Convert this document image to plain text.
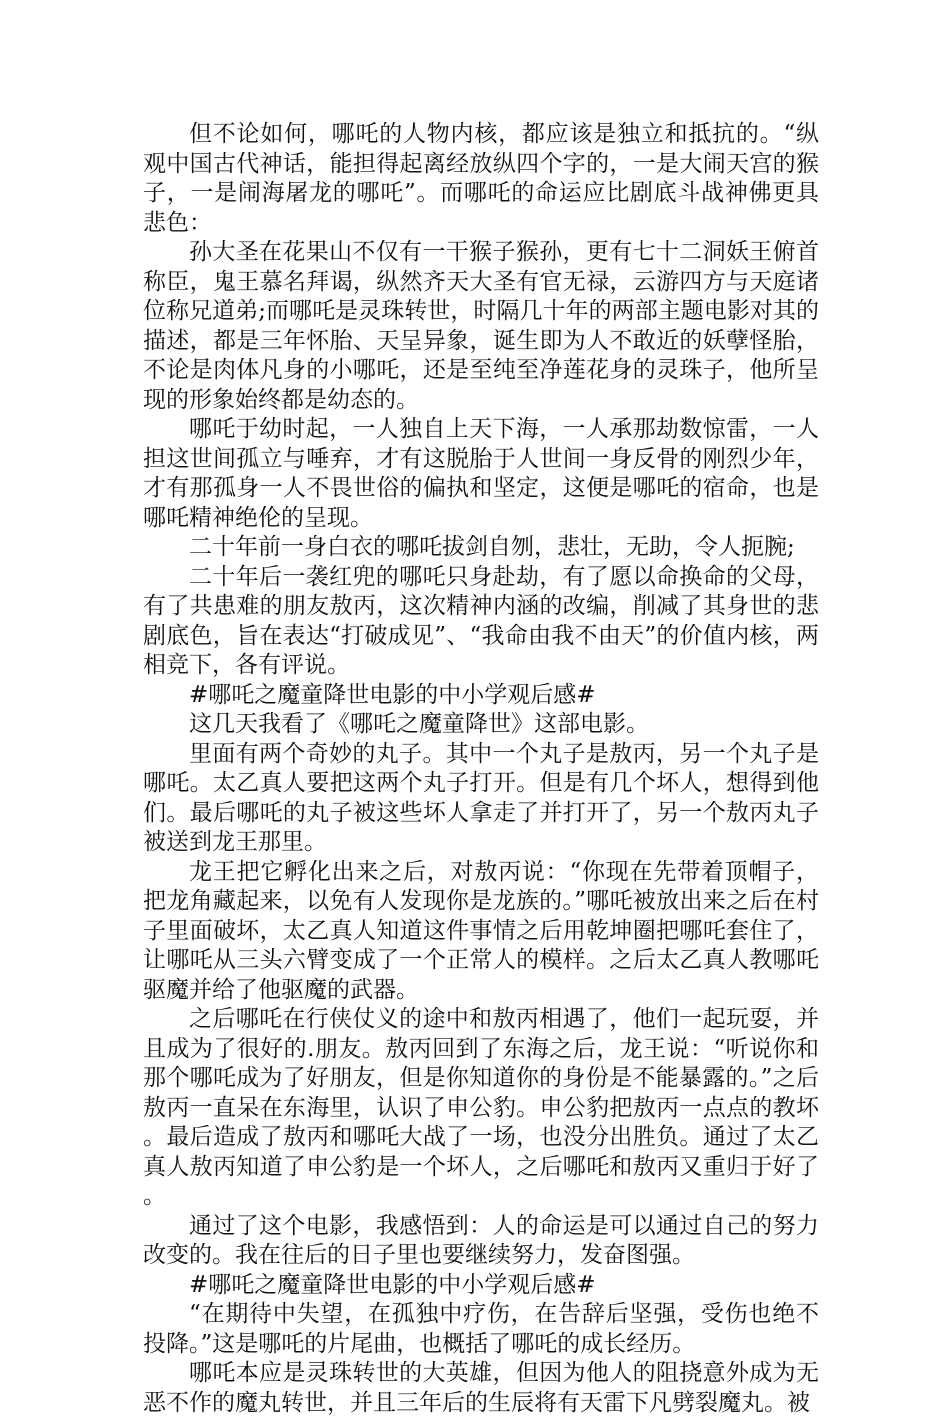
但不论如何，哪吒的人物内核，都应该是独立和抵抗的。“纵观中国古代神话，能担得起离经放纵四个字的，一是大闹天宫的猴子，一是闹海屠龙的哪吒”。而哪吒的命运应比剧底斗战神佛更具悲色：

孙大圣在花果山不仅有一干猴子猴孙，更有七十二洞妖王俯首称臣，鬼王慕名拜谒，纵然齐天大圣有官无禄，云游四方与天庭诸位称兄道弟;而哪吒是灵珠转世，时隔几十年的两部主题电影对其的描述，都是三年怀胎、天呈异象，诞生即为人不敢近的妖孽怪胎，不论是肉体凡身的小哪吒，还是至纯至净莲花身的灵珠子，他所呈现的形象始终都是幼态的。

哪吒于幼时起，一人独自上天下海，一人承那劫数惊雷，一人担这世间孤立与唾弃，才有这脱胎于人世间一身反骨的刚烈少年，才有那孤身一人不畏世俗的偏执和坚定，这便是哪吒的宿命，也是哪吒精神绝伦的呈现。

二十年前一身白衣的哪吒拔剑自刎，悲壮，无助，令人扼腕;

二十年后一袭红兜的哪吒只身赴劫，有了愿以命换命的父母，有了共患难的朋友敖丙，这次精神内涵的改编，削减了其身世的悲剧底色，旨在表达“打破成见”、“我命由我不由天”的价值内核，两相竞下，各有评说。

#哪吒之魔童降世电影的中小学观后感#

这几天我看了《哪吒之魔童降世》这部电影。

里面有两个奇妙的丸子。其中一个丸子是敖丙，另一个丸子是哪吒。太乙真人要把这两个丸子打开。但是有几个坏人，想得到他们。最后哪吒的丸子被这些坏人拿走了并打开了，另一个敖丙丸子被送到龙王那里。

龙王把它孵化出来之后，对敖丙说：“你现在先带着顶帽子，把龙角藏起来，以免有人发现你是龙族的。”哪吒被放出来之后在村子里面破坏，太乙真人知道这件事情之后用乾坤圈把哪吒套住了，让哪吒从三头六臂变成了一个正常人的模样。之后太乙真人教哪吒驱魔并给了他驱魔的武器。

之后哪吒在行侠仗义的途中和敖丙相遇了，他们一起玩耍，并且成为了很好的.朋友。敖丙回到了东海之后，龙王说：“听说你和那个哪吒成为了好朋友，但是你知道你的身份是不能暴露的。”之后敖丙一直呆在东海里，认识了申公豹。申公豹把敖丙一点点的教坏。最后造成了敖丙和哪吒大战了一场，也没分出胜负。通过了太乙真人敖丙知道了申公豹是一个坏人，之后哪吒和敖丙又重归于好了。

通过了这个电影，我感悟到：人的命运是可以通过自己的努力改变的。我在往后的日子里也要继续努力，发奋图强。

#哪吒之魔童降世电影的中小学观后感#

“在期待中失望，在孤独中疗伤，在告辞后坚强，受伤也绝不投降。”这是哪吒的片尾曲，也概括了哪吒的成长经历。

哪吒本应是灵珠转世的大英雄，但因为他人的阻挠意外成为无恶不作的魔丸转世，并且三年后的生辰将有天雷下凡劈裂魔丸。被
